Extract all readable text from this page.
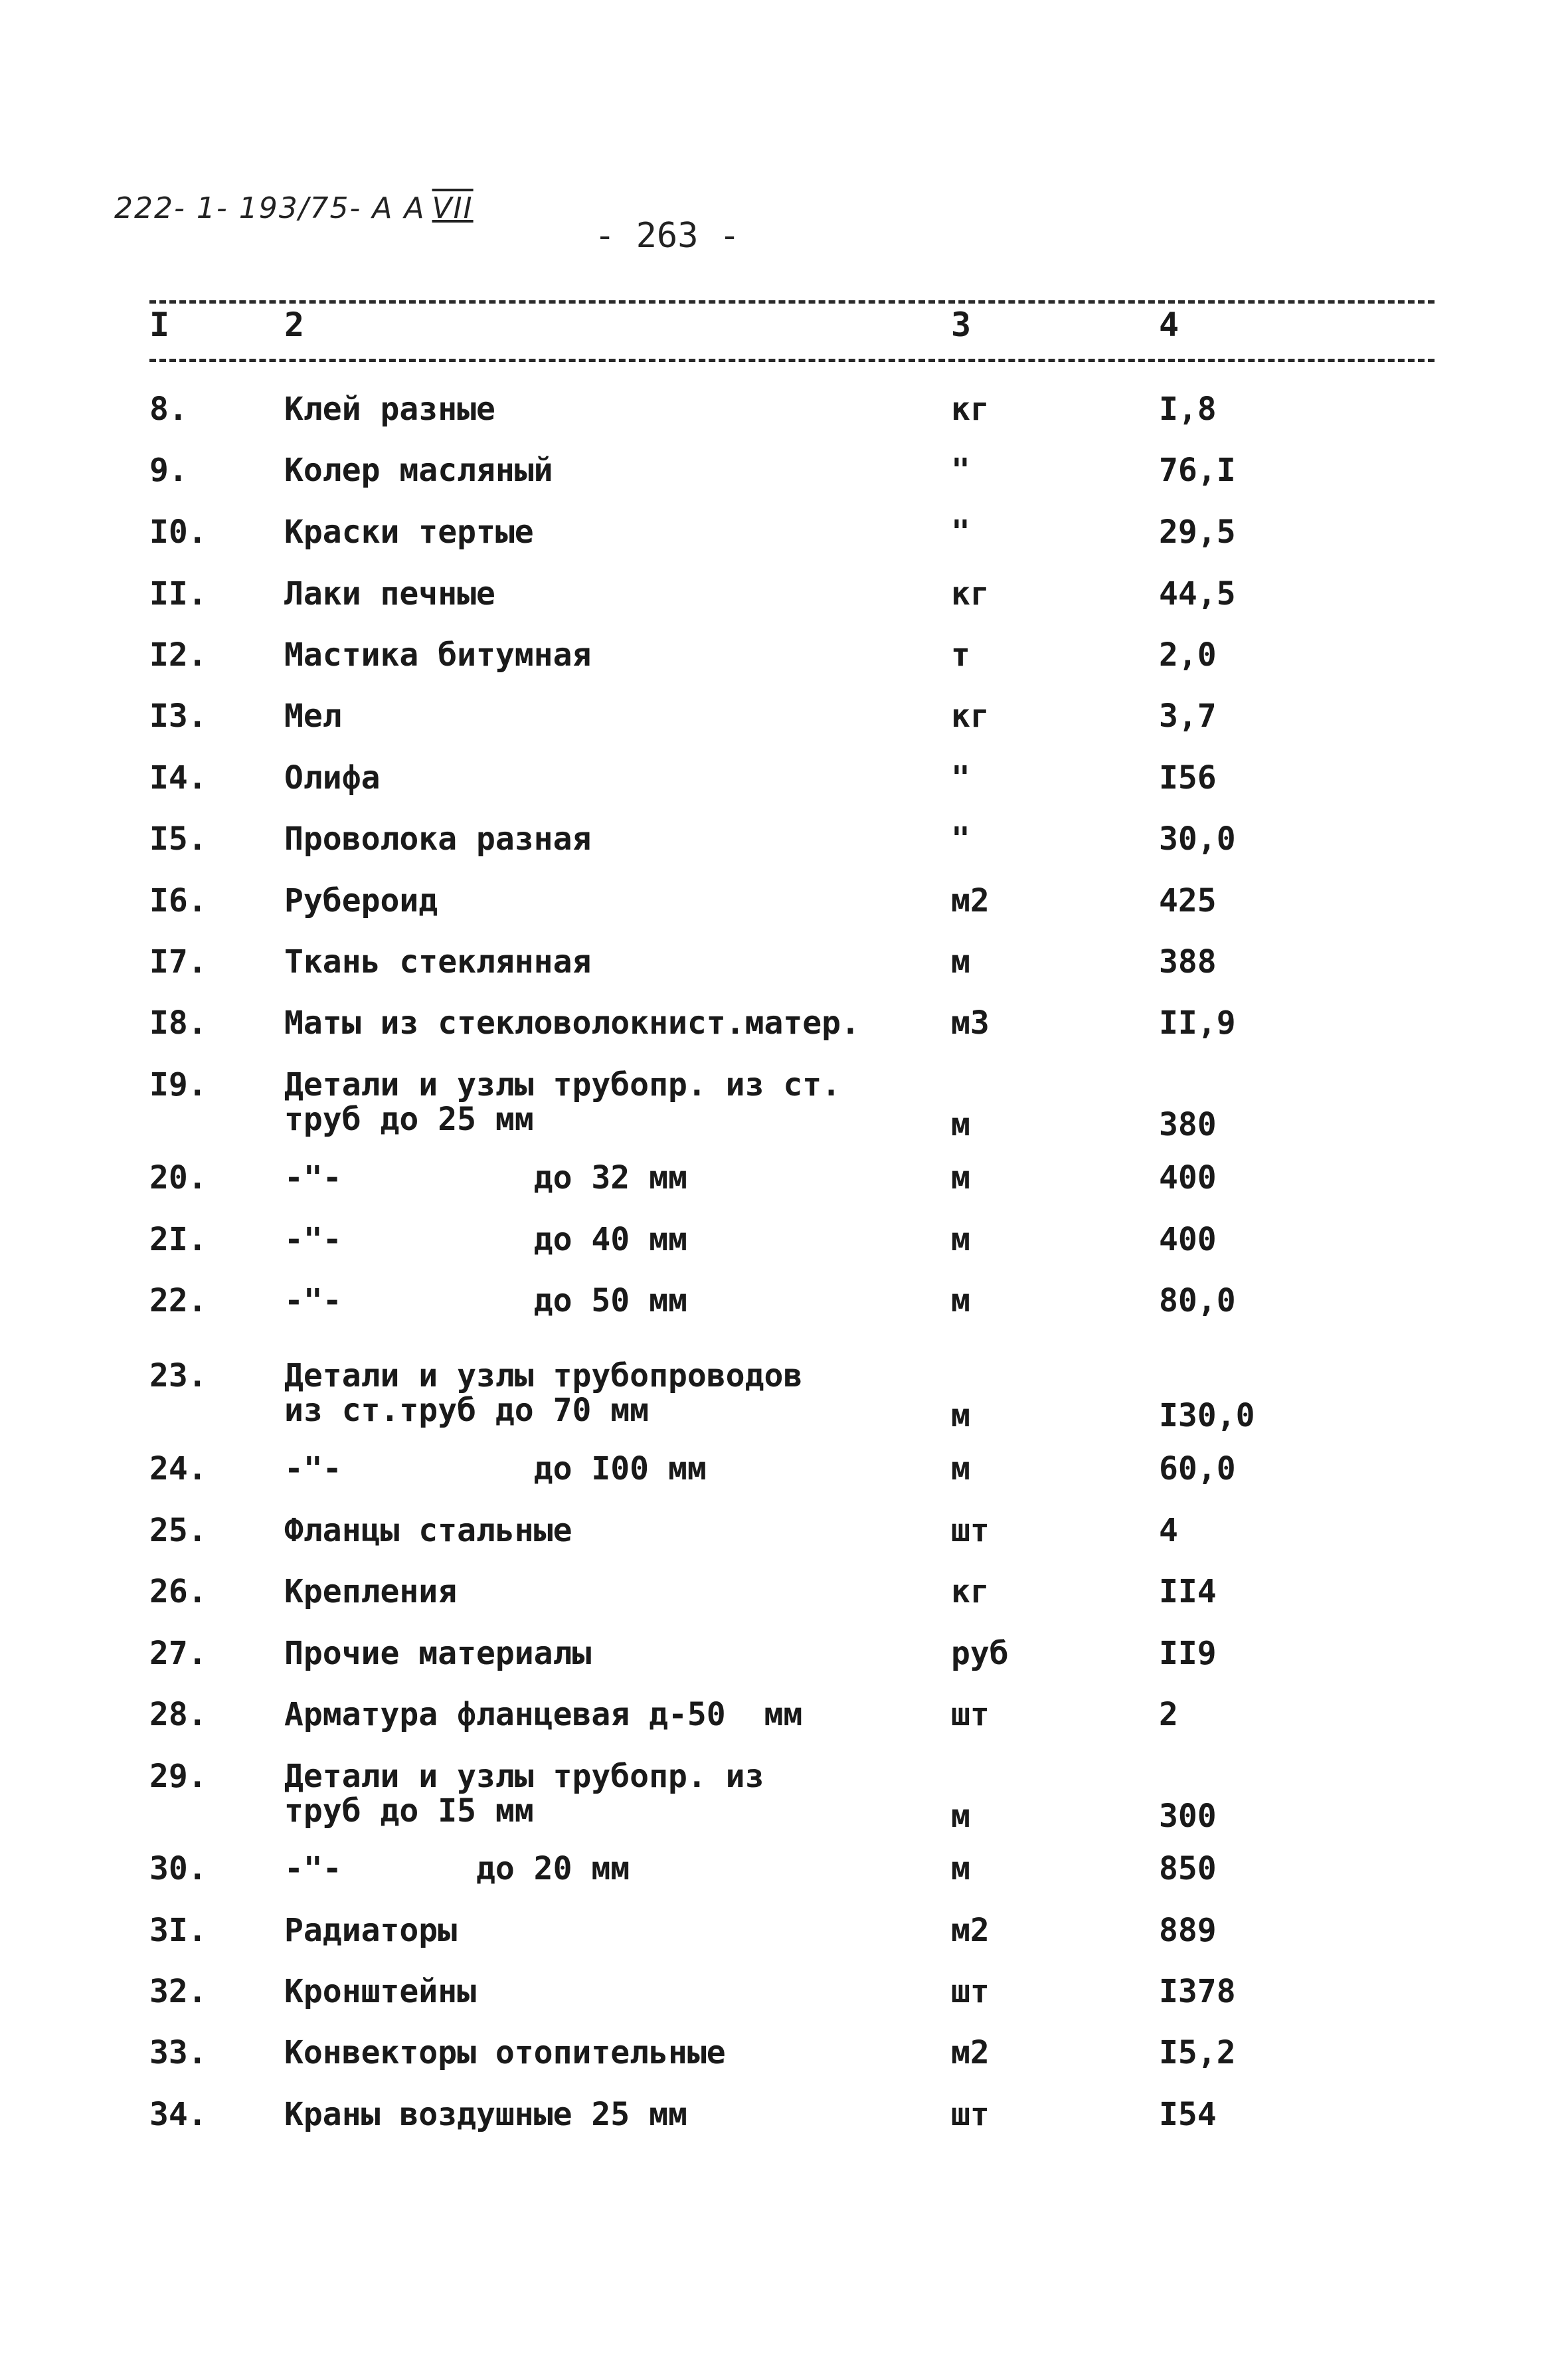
222- 1- 193/75- А А VII
- 263 -
I	2	3	4
8.	Клей разные	кг	I,8
9.	Колер масляный	"	76,I
I0. Краски тертые	"	29,5
II. Лаки печные	кг	44,5
I2. Мастика битумная	т	2,0
I3. Мел	кг	3,7
I4. Олифа	"	I56
I5. Проволока разная	"	30,0
I6. Рубероид	м2	425
I7. Ткань стеклянная	м	388
I8. Маты из стекловолокнист.матер.	м3	II,9
I9. Детали и узлы трубопр. из ст.
труб до 25 мм	м	380
20. -"-          до 32 мм	м	400
2I. -"-          до 40 мм	м	400
22. -"-          до 50 мм	м	80,0
23. Детали и узлы трубопроводов
из ст.труб до 70 мм	м	I30,0
24. -"-          до I00 мм	м	60,0
25. Фланцы стальные	шт	4
26. Крепления	кг	II4
27. Прочие материалы	руб	II9
28. Арматура фланцевая д-50  мм	шт	2
29. Детали и узлы трубопр. из
труб до I5 мм	м	300
30. -"-       до 20 мм	м	850
3I. Радиаторы	м2	889
32. Кронштейны	шт	I378
33. Конвекторы отопительные	м2	I5,2
34. Краны воздушные 25 мм	шт	I54
